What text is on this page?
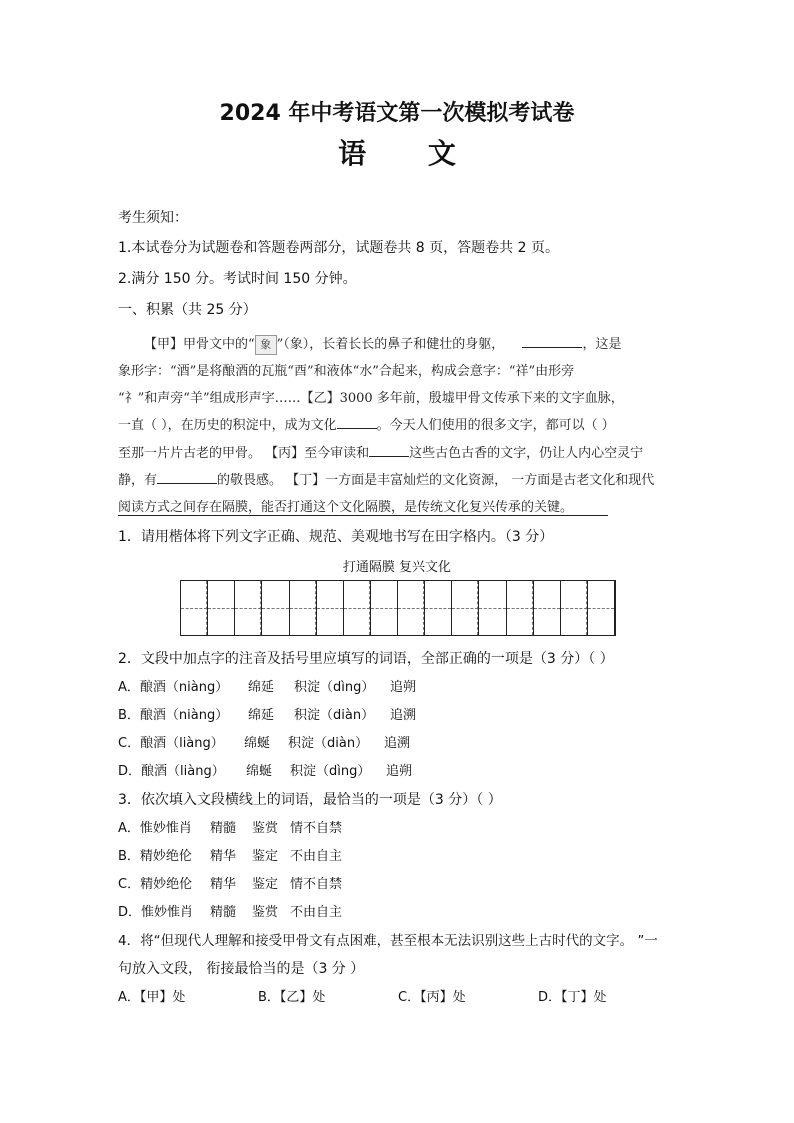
2024 年中考语文第一次模拟考试卷
语 文
考生须知：
1.本试卷分为试题卷和答题卷两部分，试题卷共 8 页，答题卷共 2 页。
2.满分 150 分。考试时间 150 分钟。
一、积累（共 25 分）
【甲】甲骨文中的“ 象 ”（象），长着长长的鼻子和健壮的身躯，	，这是
象形字：“酒”是将酿酒的瓦瓶“酉”和液体“水”合起来，构成会意字：“祥”由形旁
“礻”和声旁“羊”组成形声字……【乙】3000 多年前，殷墟甲骨文传承下来的文字血脉，
一直（ ），在历史的积淀中，成为文化	。今天人们使用的很多文字，都可以（ ）
至那一片片古老的甲骨。 【丙】至今审读和	这些古色古香的文字，仍让人内心空灵宁
静，有	的敬畏感。 【丁】一方面是丰富灿烂的文化资源， 一方面是古老文化和现代
阅读方式之间存在隔膜，能否打通这个文化隔膜，是传统文化复兴传承的关键。
1．请用楷体将下列文字正确、规范、美观地书写在田字格内。（3 分）
打通隔膜 复兴文化
2．文段中加点字的注音及括号里应填写的词语，全部正确的一项是（3 分）（ ）
A．酿酒（niàng） 绵延 积淀（dìng） 追朔
B．酿酒（niàng） 绵延 积淀（diàn） 追溯
C．酿酒（liàng） 绵蜒 积淀（diàn） 追溯
D．酿酒（liàng） 绵蜒 积淀（dìng） 追朔
3．依次填入文段横线上的词语，最恰当的一项是（3 分）（ ）
A．惟妙惟肖 精髓 鉴赏 情不自禁
B．精妙绝伦 精华 鉴定 不由自主
C．精妙绝伦 精华 鉴定 情不自禁
D．惟妙惟肖 精髓 鉴赏 不由自主
4．将“但现代人理解和接受甲骨文有点困难，甚至根本无法识别这些上古时代的文字。 ”一
句放入文段， 衔接最恰当的是（3 分 ）
A．【甲】处	B．【乙】处	C．【丙】处	D．【丁】处
